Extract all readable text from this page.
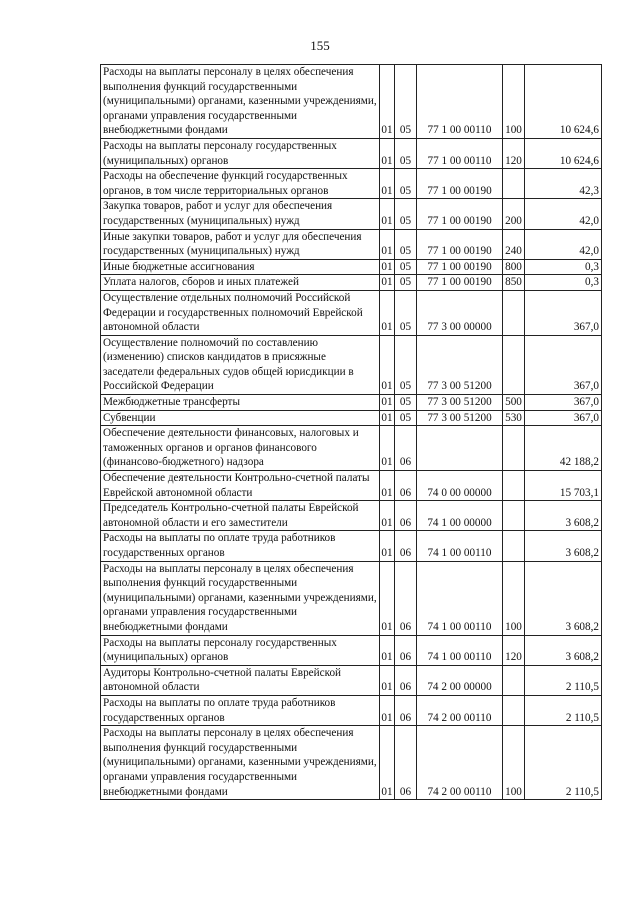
155
Расходы на выплаты персоналу в целях обеспечения выполнения функций государственными (муниципальными) органами, казенными учреждениями, органами управления государственными внебюджетными фондами	01	05	77 1 00 00110	100	10 624,6
Расходы на выплаты персоналу государственных (муниципальных) органов	01	05	77 1 00 00110	120	10 624,6
Расходы на обеспечение функций государственных органов, в том числе территориальных органов	01	05	77 1 00 00190		42,3
Закупка товаров, работ и услуг для обеспечения государственных (муниципальных) нужд	01	05	77 1 00 00190	200	42,0
Иные закупки товаров, работ и услуг для обеспечения государственных (муниципальных) нужд	01	05	77 1 00 00190	240	42,0
Иные бюджетные ассигнования	01	05	77 1 00 00190	800	0,3
Уплата налогов, сборов и иных платежей	01	05	77 1 00 00190	850	0,3
Осуществление отдельных полномочий Российской Федерации и государственных полномочий Еврейской автономной области	01	05	77 3 00 00000		367,0
Осуществление полномочий по составлению (изменению) списков кандидатов в присяжные заседатели федеральных судов общей юрисдикции в Российской Федерации	01	05	77 3 00 51200		367,0
Межбюджетные трансферты	01	05	77 3 00 51200	500	367,0
Субвенции	01	05	77 3 00 51200	530	367,0
Обеспечение деятельности финансовых, налоговых и таможенных органов и органов финансового (финансово-бюджетного) надзора	01	06			42 188,2
Обеспечение деятельности Контрольно-счетной палаты Еврейской автономной области	01	06	74 0 00 00000		15 703,1
Председатель Контрольно-счетной палаты Еврейской автономной области и его заместители	01	06	74 1 00 00000		3 608,2
Расходы на выплаты по оплате труда работников государственных органов	01	06	74 1 00 00110		3 608,2
Расходы на выплаты персоналу в целях обеспечения выполнения функций государственными (муниципальными) органами, казенными учреждениями, органами управления государственными внебюджетными фондами	01	06	74 1 00 00110	100	3 608,2
Расходы на выплаты персоналу государственных (муниципальных) органов	01	06	74 1 00 00110	120	3 608,2
Аудиторы Контрольно-счетной палаты Еврейской автономной области	01	06	74 2 00 00000		2 110,5
Расходы на выплаты по оплате труда работников государственных органов	01	06	74 2 00 00110		2 110,5
Расходы на выплаты персоналу в целях обеспечения выполнения функций государственными (муниципальными) органами, казенными учреждениями, органами управления государственными внебюджетными фондами	01	06	74 2 00 00110	100	2 110,5
